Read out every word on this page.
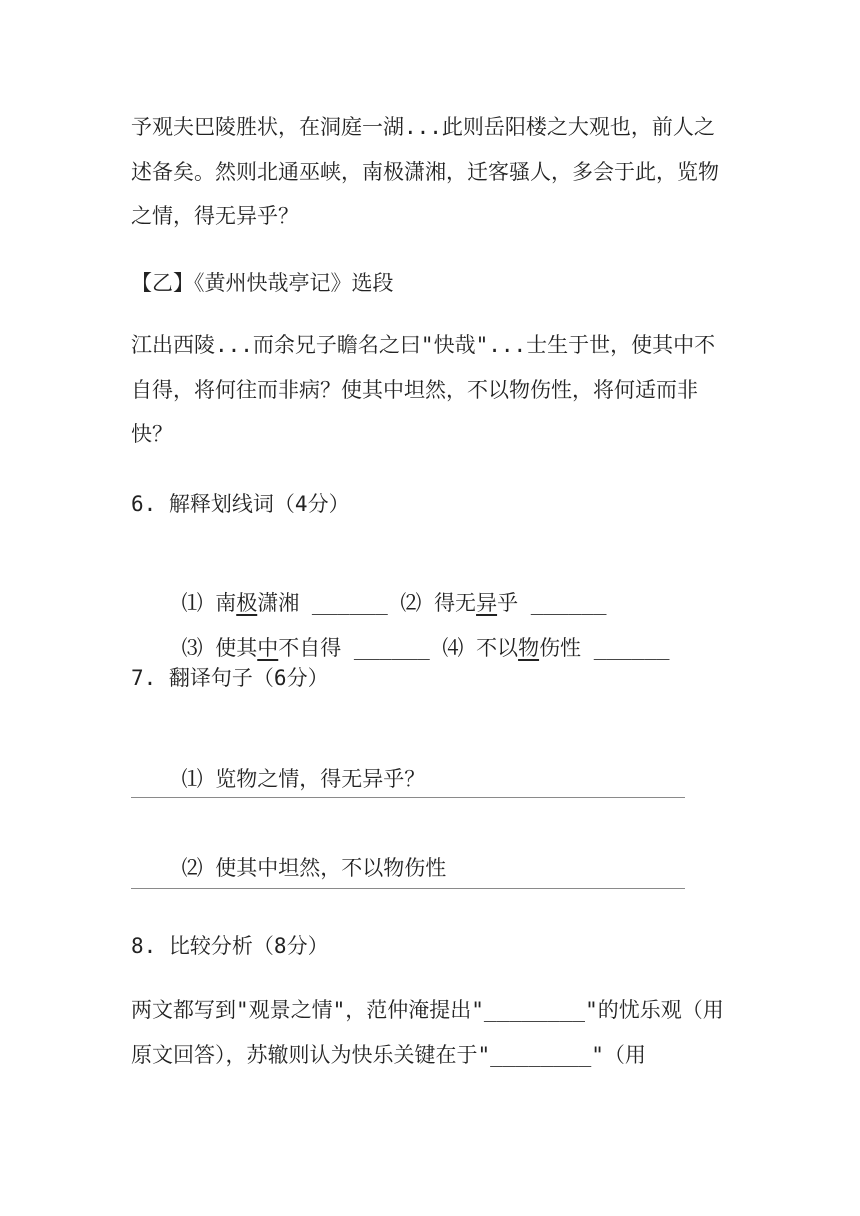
予观夫巴陵胜状，在洞庭一湖...此则岳阳楼之大观也，前人之述备矣。然则北通巫峡，南极潇湘，迁客骚人，多会于此，览物之情，得无异乎？

【乙】《黄州快哉亭记》选段

江出西陵...而余兄子瞻名之曰"快哉"...士生于世，使其中不自得，将何往而非病？使其中坦然，不以物伤性，将何适而非快？

6. 解释划线词（4分）

⑴ 南极潇湘 ______ ⑵ 得无异乎 ______

⑶ 使其中不自得 ______ ⑷ 不以物伤性 ______

7. 翻译句子（6分）

⑴ 览物之情，得无异乎？

⑵ 使其中坦然，不以物伤性

8. 比较分析（8分）

两文都写到"观景之情"，范仲淹提出"________"的忧乐观（用原文回答），苏辙则认为快乐关键在于"________"（用
